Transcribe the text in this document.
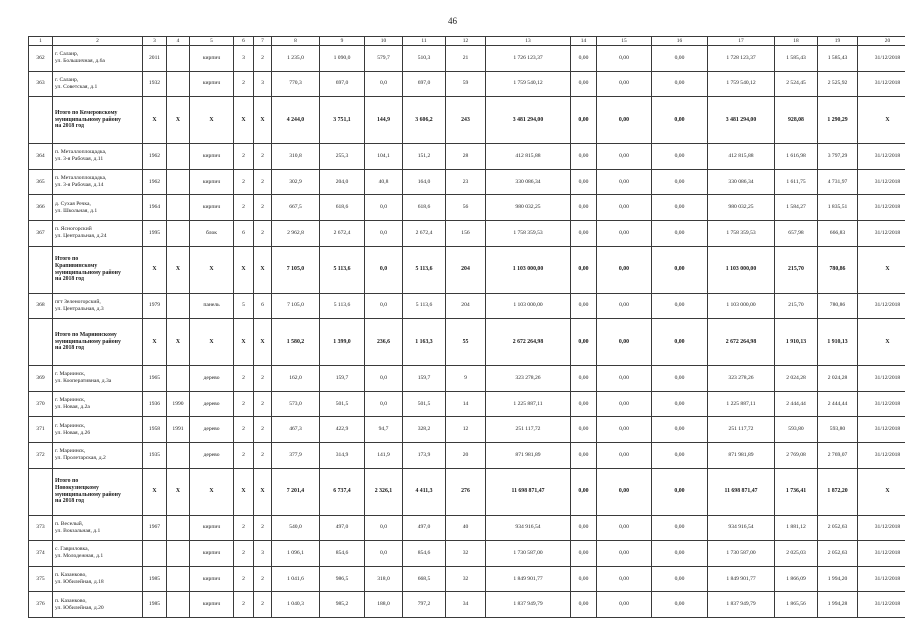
46
1	2	3	4	5	6	7	8	9	10	11	12	13	14	15	16	17	18	19	20
362	г. Салаир,
ул. Большичная, д.6а	2011		кирпич	3	2	1 235,0	1 090,0	579,7	510,3	21	1 726 123,37	0,00	0,00	0,00	1 728 123,37	1 585,43	1 585,43	31/12/2018
363	г. Салаир,
ул. Советская, д.1	1932		кирпич	2	3	770,3	697,0	0,0	697,0	59	1 759 540,12	0,00	0,00	0,00	1 759 540,12	2 524,45	2 525,92	31/12/2018
	Итого по Кемеровскому
муниципальному району
на 2018 год	X	X	X	X	X	4 244,0	3 751,1	144,9	3 606,2	243	3 481 294,00	0,00	0,00	0,00	3 481 294,00	928,08	1 290,29	X
364	п. Металлоплощадка,
ул. 3-я Рабочая, д.11	1962		кирпич	2	2	310,8	255,3	104,1	151,2	28	412 815,88	0,00	0,00	0,00	412 815,88	1 616,98	3 797,29	31/12/2018
365	п. Металлоплощадка,
ул. 3-я Рабочая, д.14	1962		кирпич	2	2	302,9	204,0	40,8	164,0	23	330 086,34	0,00	0,00	0,00	330 086,34	1 611,75	4 731,97	31/12/2018
366	д. Сухая Речка,
ул. Школьная, д.1	1964		кирпич	2	2	667,5	618,6	0,0	618,6	56	980 032,25	0,00	0,00	0,00	980 032,25	1 584,27	1 835,51	31/12/2018
367	п. Ясногорский
ул. Центральная, д.24	1995		блок	6	2	2 962,8	2 672,4	0,0	2 672,4	156	1 758 359,53	0,00	0,00	0,00	1 758 359,53	657,98	666,83	31/12/2018
	Итого по
Крапивинскому
муниципальному району
на 2018 год	X	X	X	X	X	7 105,0	5 113,6	0,0	5 113,6	204	1 103 000,00	0,00	0,00	0,00	1 103 000,00	215,70	780,86	X
368	пгт Зеленогорский,
ул. Центральная, д.3	1979		панель	5	6	7 105,0	5 113,6	0,0	5 113,6	204	1 103 000,00	0,00	0,00	0,00	1 103 000,00	215,70	780,86	31/12/2018
	Итого по Мариинскому
муниципальному району
на 2018 год	X	X	X	X	X	1 580,2	1 399,0	236,6	1 163,3	55	2 672 264,98	0,00	0,00	0,00	2 672 264,98	1 910,13	1 910,13	X
369	г. Мариинск,
ул. Кооперативная, д.3а	1965		дерево	2	2	162,0	159,7	0,0	159,7	9	323 278,26	0,00	0,00	0,00	323 278,26	2 024,28	2 024,28	31/12/2018
370	г. Мариинск,
ул. Новая, д.2а	1936	1990	дерево	2	2	573,0	501,5	0,0	501,5	14	1 225 887,11	0,00	0,00	0,00	1 225 887,11	2 444,44	2 444,44	31/12/2018
371	г. Мариинск,
ул. Новая, д.26	1958	1991	дерево	2	2	467,3	422,9	94,7	328,2	12	251 117,72	0,00	0,00	0,00	251 117,72	593,80	593,80	31/12/2018
372	г. Мариинск,
ул. Пролетарская, д.2	1935		дерево	2	2	377,9	314,9	141,9	173,9	20	871 981,89	0,00	0,00	0,00	871 981,89	2 769,08	2 769,07	31/12/2018
	Итого по
Новокузнецкому
муниципальному району
на 2018 год	X	X	X	X	X	7 201,4	6 737,4	2 326,1	4 411,3	276	11 698 871,47	0,00	0,00	0,00	11 698 871,47	1 736,41	1 872,20	X
373	п. Веселый,
ул. Вокзальная, д.1	1967		кирпич	2	2	540,0	497,0	0,0	497,0	40	934 916,54	0,00	0,00	0,00	934 916,54	1 881,12	2 052,63	31/12/2018
374	с. Гавриловка,
ул. Молодежная, д.1			кирпич	2	3	1 096,1	854,6	0,0	854,6	32	1 730 587,00	0,00	0,00	0,00	1 730 587,00	2 025,03	2 052,63	31/12/2018
375	п. Казанково,
ул. Юбилейная, д.18	1985		кирпич	2	2	1 041,6	986,5	318,0	668,5	32	1 849 901,77	0,00	0,00	0,00	1 849 901,77	1 866,09	1 994,20	31/12/2018
376	п. Казанково,
ул. Юбилейная, д.20	1985		кирпич	2	2	1 040,3	985,2	188,0	797,2	34	1 837 949,79	0,00	0,00	0,00	1 837 949,79	1 865,56	1 994,28	31/12/2018
